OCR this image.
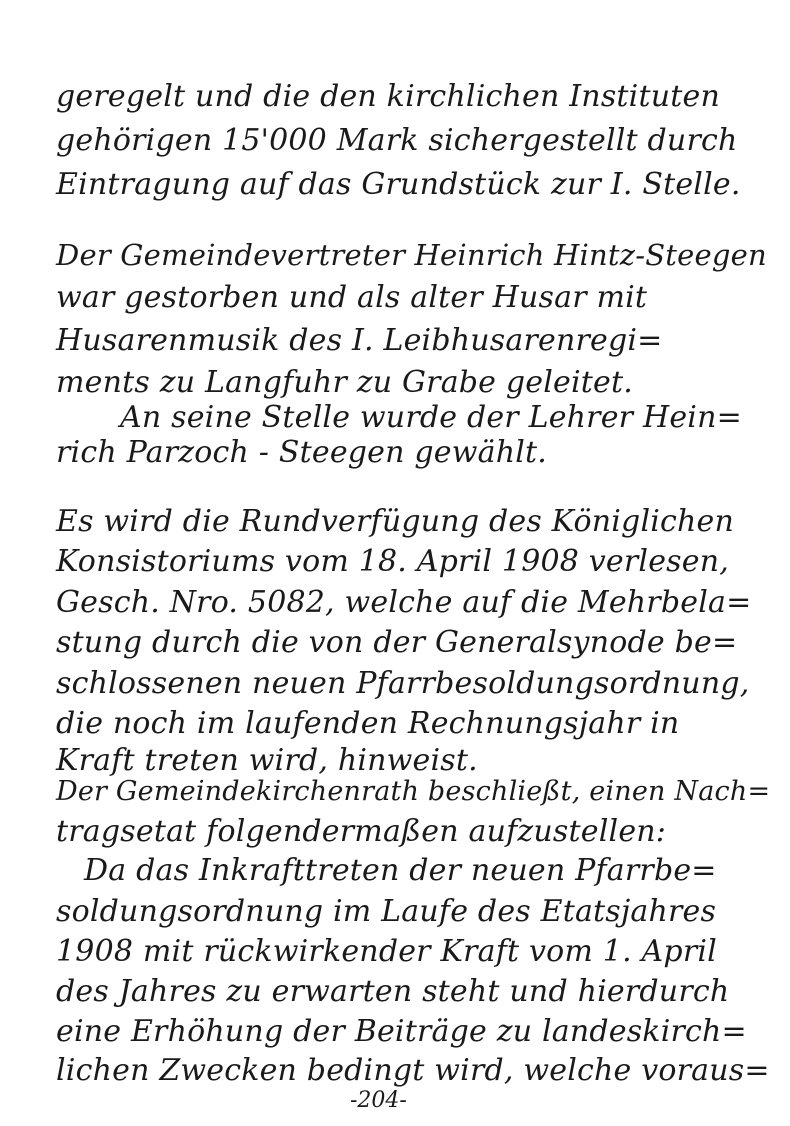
geregelt und die den kirchlichen Instituten
gehörigen 15'000 Mark sichergestellt durch
Eintragung auf das Grundstück zur I. Stelle.
Der Gemeindevertreter Heinrich Hintz-Steegen
war gestorben und als alter Husar mit
Husarenmusik des I. Leibhusarenregi=
ments zu Langfuhr zu Grabe geleitet.
An seine Stelle wurde der Lehrer Hein=
rich Parzoch - Steegen gewählt.
Es wird die Rundverfügung des Königlichen
Konsistoriums vom 18. April 1908 verlesen,
Gesch. Nro. 5082, welche auf die Mehrbela=
stung durch die von der Generalsynode be=
schlossenen neuen Pfarrbesoldungsordnung,
die noch im laufenden Rechnungsjahr in
Kraft treten wird, hinweist.
Der Gemeindekirchenrath beschließt, einen Nach=
tragsetat folgendermaßen aufzustellen:
Da das Inkrafttreten der neuen Pfarrbe=
soldungsordnung im Laufe des Etatsjahres
1908 mit rückwirkender Kraft vom 1. April
des Jahres zu erwarten steht und hierdurch
eine Erhöhung der Beiträge zu landeskirch=
lichen Zwecken bedingt wird, welche voraus=
-204-
